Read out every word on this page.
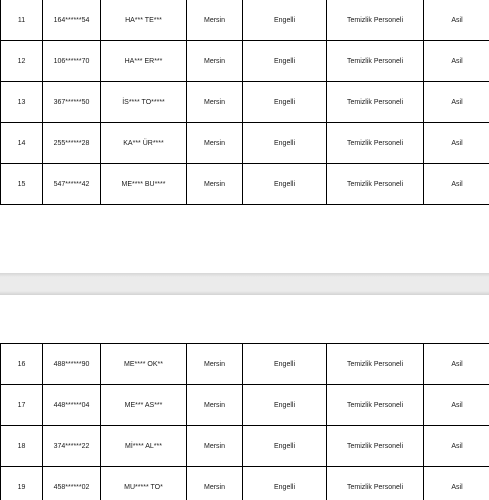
11	164******54	HA*** TE***	Mersin	Engelli	Temizlik Personeli	Asil
12	106******70	HA*** ER***	Mersin	Engelli	Temizlik Personeli	Asil
13	367******50	İS**** TO*****	Mersin	Engelli	Temizlik Personeli	Asil
14	255******28	KA*** ÜR****	Mersin	Engelli	Temizlik Personeli	Asil
15	547******42	ME**** BU****	Mersin	Engelli	Temizlik Personeli	Asil
16	488******90	ME**** OK**	Mersin	Engelli	Temizlik Personeli	Asil
17	448******04	ME*** AS***	Mersin	Engelli	Temizlik Personeli	Asil
18	374******22	Mİ**** AL***	Mersin	Engelli	Temizlik Personeli	Asil
19	458******02	MU***** TO*	Mersin	Engelli	Temizlik Personeli	Asil
